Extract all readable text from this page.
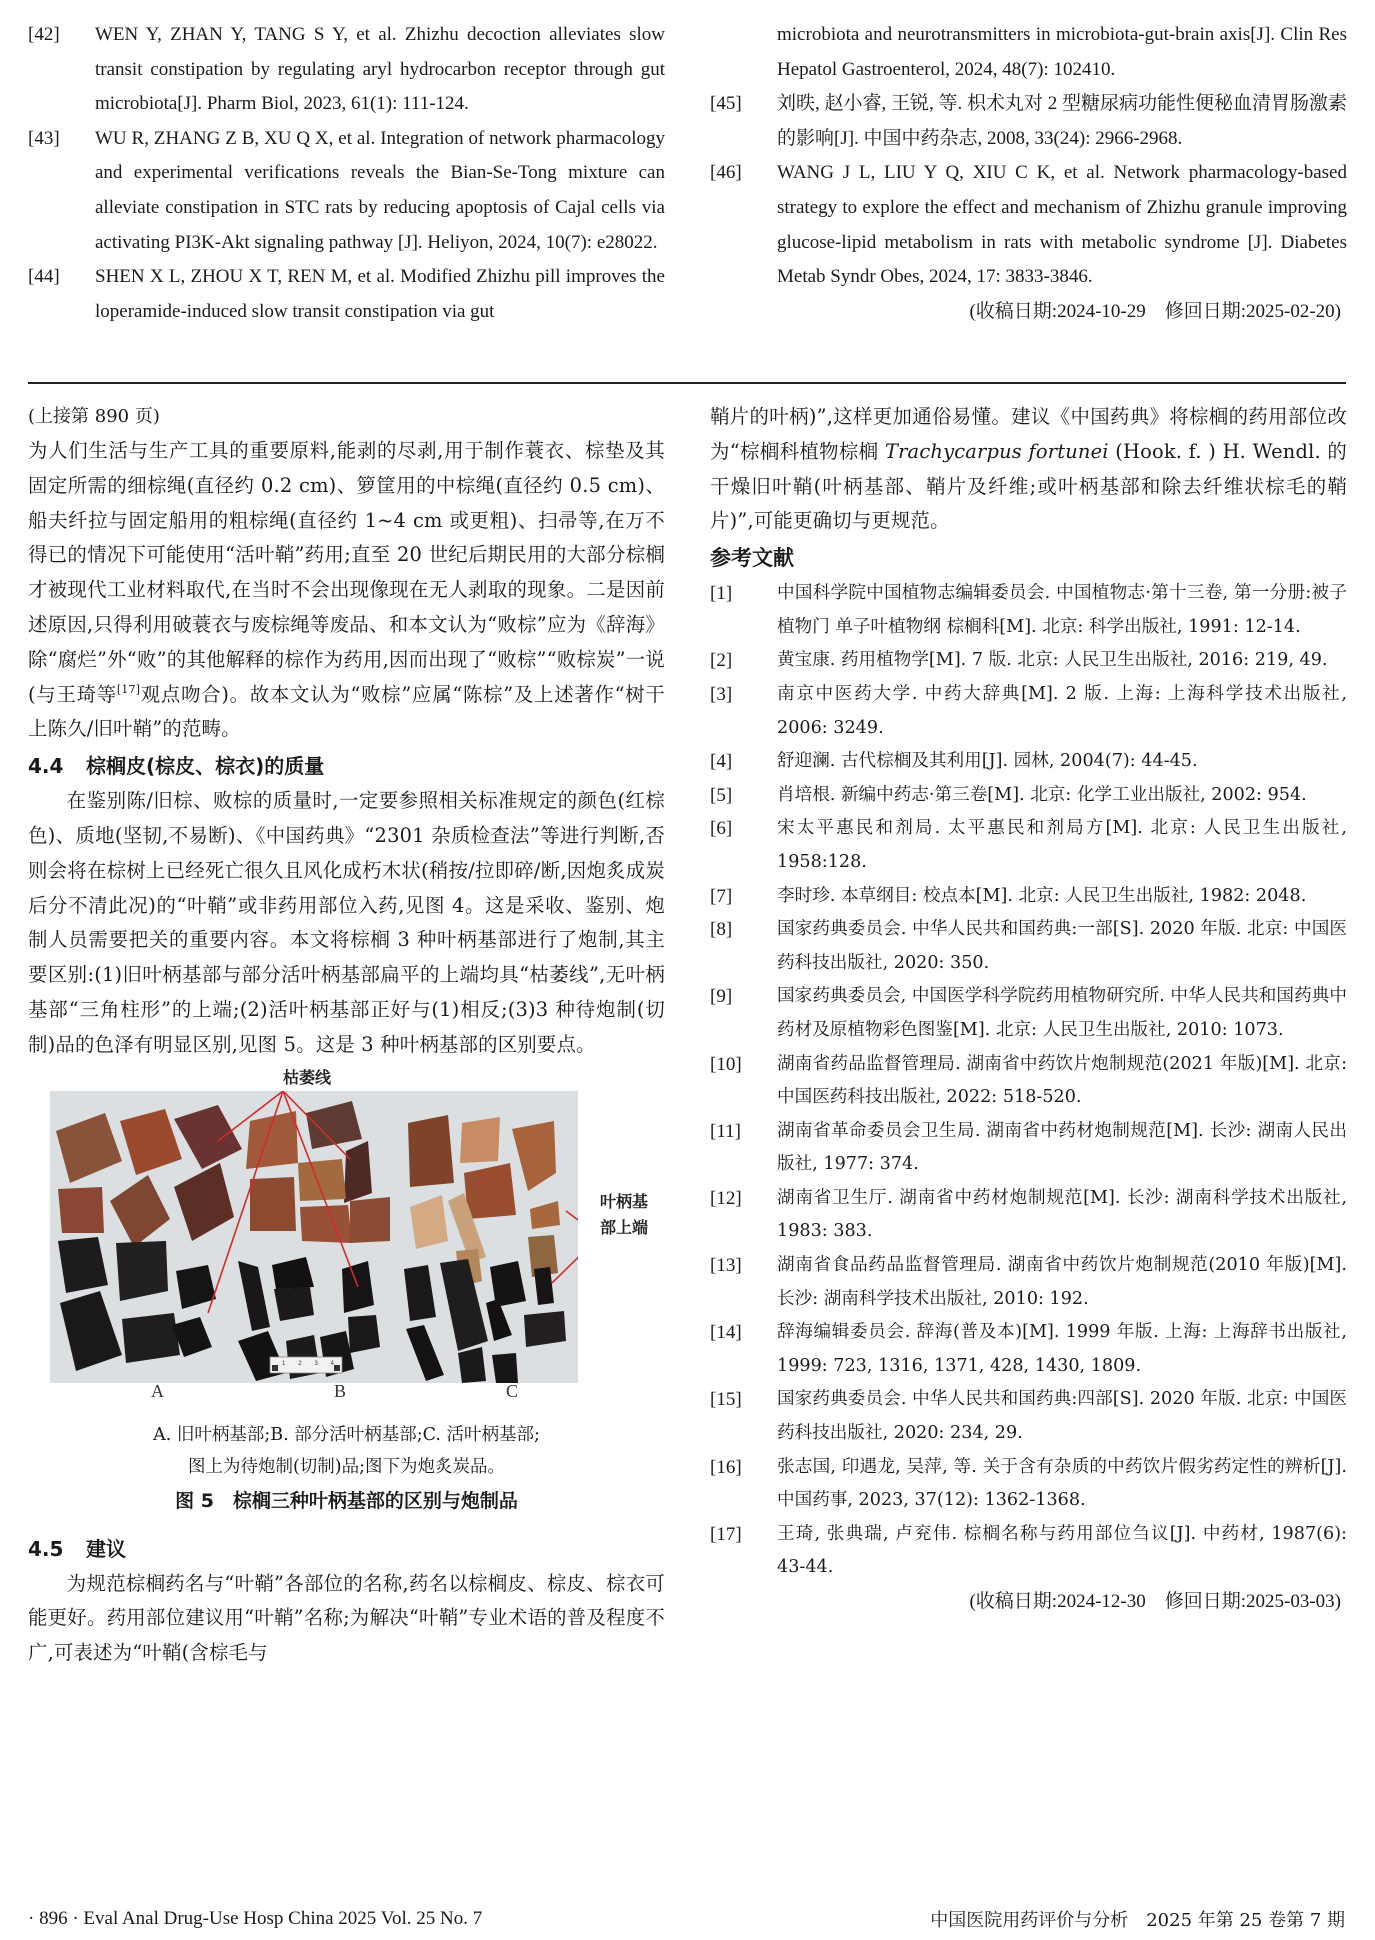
[42]	WEN Y, ZHAN Y, TANG S Y, et al. Zhizhu decoction alleviates slow transit constipation by regulating aryl hydrocarbon receptor through gut microbiota[J]. Pharm Biol, 2023, 61(1): 111-124.
[43]	WU R, ZHANG Z B, XU Q X, et al. Integration of network pharmacology and experimental verifications reveals the Bian-Se-Tong mixture can alleviate constipation in STC rats by reducing apoptosis of Cajal cells via activating PI3K-Akt signaling pathway [J]. Heliyon, 2024, 10(7): e28022.
[44]	SHEN X L, ZHOU X T, REN M, et al. Modified Zhizhu pill improves the loperamide-induced slow transit constipation via gut
microbiota and neurotransmitters in microbiota-gut-brain axis[J]. Clin Res Hepatol Gastroenterol, 2024, 48(7): 102410.
[45]	刘昳, 赵小睿, 王锐, 等. 枳术丸对 2 型糖尿病功能性便秘血清胃肠激素的影响[J]. 中国中药杂志, 2008, 33(24): 2966-2968.
[46]	WANG J L, LIU Y Q, XIU C K, et al. Network pharmacology-based strategy to explore the effect and mechanism of Zhizhu granule improving glucose-lipid metabolism in rats with metabolic syndrome [J]. Diabetes Metab Syndr Obes, 2024, 17: 3833-3846.
(收稿日期:2024-10-29　修回日期:2025-02-20)
(上接第 890 页)

为人们生活与生产工具的重要原料,能剥的尽剥,用于制作蓑衣、棕垫及其固定所需的细棕绳(直径约 0.2 cm)、箩筐用的中棕绳(直径约 0.5 cm)、船夫纤拉与固定船用的粗棕绳(直径约 1~4 cm 或更粗)、扫帚等,在万不得已的情况下可能使用“活叶鞘”药用;直至 20 世纪后期民用的大部分棕榈才被现代工业材料取代,在当时不会出现像现在无人剥取的现象。二是因前述原因,只得利用破蓑衣与废棕绳等废品、和本文认为“败棕”应为《辞海》除“腐烂”外“败”的其他解释的棕作为药用,因而出现了“败棕”“败棕炭”一说(与王琦等[17]观点吻合)。故本文认为“败棕”应属“陈棕”及上述著作“树干上陈久/旧叶鞘”的范畴。

4.4 棕榈皮(棕皮、棕衣)的质量

在鉴别陈/旧棕、败棕的质量时,一定要参照相关标准规定的颜色(红棕色)、质地(坚韧,不易断)、《中国药典》“2301 杂质检查法”等进行判断,否则会将在棕树上已经死亡很久且风化成朽木状(稍按/拉即碎/断,因炮炙成炭后分不清此况)的“叶鞘”或非药用部位入药,见图 4。这是采收、鉴别、炮制人员需要把关的重要内容。本文将棕榈 3 种叶柄基部进行了炮制,其主要区别:(1)旧叶柄基部与部分活叶柄基部扁平的上端均具“枯萎线”,无叶柄基部“三角柱形”的上端;(2)活叶柄基部正好与(1)相反;(3)3 种待炮制(切制)品的色泽有明显区别,见图 5。这是 3 种叶柄基部的区别要点。

枯萎线
1 2 3 4
叶柄基部上端
A	B	C
A. 旧叶柄基部;B. 部分活叶柄基部;C. 活叶柄基部;
图上为待炮制(切制)品;图下为炮炙炭品。
图 5　棕榈三种叶柄基部的区别与炮制品
4.5 建议

为规范棕榈药名与“叶鞘”各部位的名称,药名以棕榈皮、棕皮、棕衣可能更好。药用部位建议用“叶鞘”名称;为解决“叶鞘”专业术语的普及程度不广,可表述为“叶鞘(含棕毛与

鞘片的叶柄)”,这样更加通俗易懂。建议《中国药典》将棕榈的药用部位改为“棕榈科植物棕榈 Trachycarpus fortunei (Hook. f. ) H. Wendl. 的干燥旧叶鞘(叶柄基部、鞘片及纤维;或叶柄基部和除去纤维状棕毛的鞘片)”,可能更确切与更规范。

参考文献
[1]	中国科学院中国植物志编辑委员会. 中国植物志·第十三卷, 第一分册:被子植物门 单子叶植物纲 棕榈科[M]. 北京: 科学出版社, 1991: 12-14.
[2]	黄宝康. 药用植物学[M]. 7 版. 北京: 人民卫生出版社, 2016: 219, 49.
[3]	南京中医药大学. 中药大辞典[M]. 2 版. 上海: 上海科学技术出版社, 2006: 3249.
[4]	舒迎澜. 古代棕榈及其利用[J]. 园林, 2004(7): 44-45.
[5]	肖培根. 新编中药志·第三卷[M]. 北京: 化学工业出版社, 2002: 954.
[6]	宋太平惠民和剂局. 太平惠民和剂局方[M]. 北京: 人民卫生出版社, 1958:128.
[7]	李时珍. 本草纲目: 校点本[M]. 北京: 人民卫生出版社, 1982: 2048.
[8]	国家药典委员会. 中华人民共和国药典:一部[S]. 2020 年版. 北京: 中国医药科技出版社, 2020: 350.
[9]	国家药典委员会, 中国医学科学院药用植物研究所. 中华人民共和国药典中药材及原植物彩色图鉴[M]. 北京: 人民卫生出版社, 2010: 1073.
[10]	湖南省药品监督管理局. 湖南省中药饮片炮制规范(2021 年版)[M]. 北京: 中国医药科技出版社, 2022: 518-520.
[11]	湖南省革命委员会卫生局. 湖南省中药材炮制规范[M]. 长沙: 湖南人民出版社, 1977: 374.
[12]	湖南省卫生厅. 湖南省中药材炮制规范[M]. 长沙: 湖南科学技术出版社, 1983: 383.
[13]	湖南省食品药品监督管理局. 湖南省中药饮片炮制规范(2010 年版)[M]. 长沙: 湖南科学技术出版社, 2010: 192.
[14]	辞海编辑委员会. 辞海(普及本)[M]. 1999 年版. 上海: 上海辞书出版社, 1999: 723, 1316, 1371, 428, 1430, 1809.
[15]	国家药典委员会. 中华人民共和国药典:四部[S]. 2020 年版. 北京: 中国医药科技出版社, 2020: 234, 29.
[16]	张志国, 印遇龙, 吴萍, 等. 关于含有杂质的中药饮片假劣药定性的辨析[J]. 中国药事, 2023, 37(12): 1362-1368.
[17]	王琦, 张典瑞, 卢兖伟. 棕榈名称与药用部位刍议[J]. 中药材, 1987(6): 43-44.
(收稿日期:2024-12-30　修回日期:2025-03-03)
· 896 · Eval Anal Drug-Use Hosp China 2025 Vol. 25 No. 7	中国医院用药评价与分析　2025 年第 25 卷第 7 期
